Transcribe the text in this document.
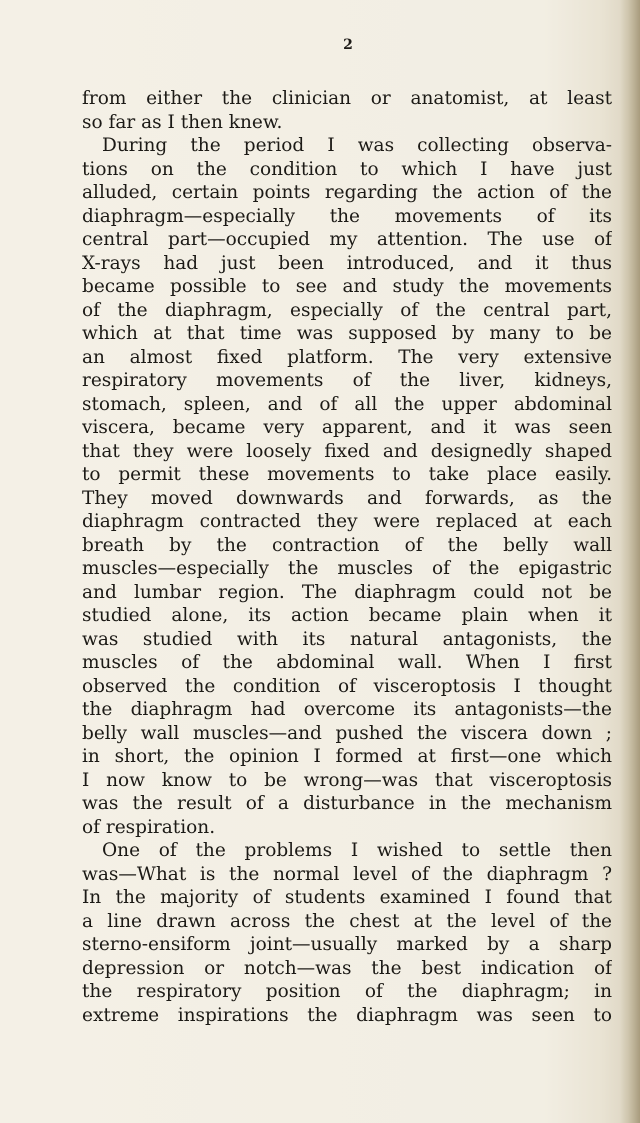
2
from either the clinician or anatomist, at least
so far as I then knew.
During the period I was collecting observa-
tions on the condition to which I have just
alluded, certain points regarding the action of the
diaphragm—especially the movements of its
central part—occupied my attention. The use of
X-rays had just been introduced, and it thus
became possible to see and study the movements
of the diaphragm, especially of the central part,
which at that time was supposed by many to be
an almost fixed platform. The very extensive
respiratory movements of the liver, kidneys,
stomach, spleen, and of all the upper abdominal
viscera, became very apparent, and it was seen
that they were loosely fixed and designedly shaped
to permit these movements to take place easily.
They moved downwards and forwards, as the
diaphragm contracted they were replaced at each
breath by the contraction of the belly wall
muscles—especially the muscles of the epigastric
and lumbar region. The diaphragm could not be
studied alone, its action became plain when it
was studied with its natural antagonists, the
muscles of the abdominal wall. When I first
observed the condition of visceroptosis I thought
the diaphragm had overcome its antagonists—the
belly wall muscles—and pushed the viscera down ;
in short, the opinion I formed at first—one which
I now know to be wrong—was that visceroptosis
was the result of a disturbance in the mechanism
of respiration.
One of the problems I wished to settle then
was—What is the normal level of the diaphragm ?
In the majority of students examined I found that
a line drawn across the chest at the level of the
sterno-ensiform joint—usually marked by a sharp
depression or notch—was the best indication of
the respiratory position of the diaphragm; in
extreme inspirations the diaphragm was seen to
